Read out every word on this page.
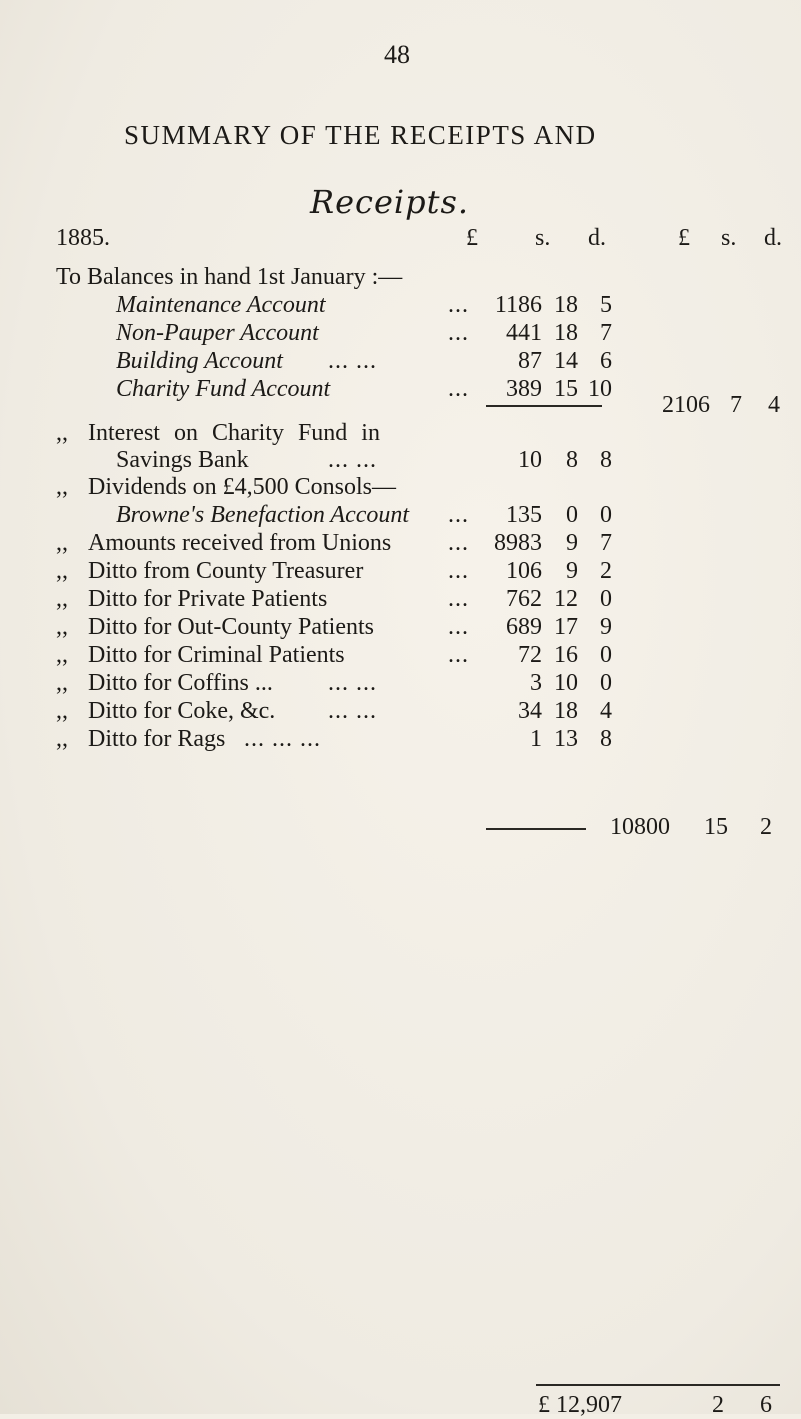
48
SUMMARY OF THE RECEIPTS AND
Receipts.
1885.	£ s. d.	£ s. d.
To Balances in hand 1st January :—
Maintenance Account	...	1186 18 5
Non-Pauper Account	...	441 18 7
Building Account ... ...	87 14 6
Charity Fund Account	...	389 15 10
2106 7	4
,, Interest on Charity Fund in
Savings Bank	... ...	10	8 8
,, Dividends on £4,500 Consols—
Browne's Benefaction Account ...	135	0 0
,, Amounts received from Unions ...	8983	9 7
,, Ditto from County Treasurer	...	106	9 2
,, Ditto for Private Patients	...	762 12 0
,, Ditto for Out-County Patients	...	689 17 9
,, Ditto for Criminal Patients	...	72 16 0
,, Ditto for Coffins ... ... ...	3 10 0
,, Ditto for Coke, &c. ... ...	34 18 4
,, Ditto for Rags ... ... ...	1 13 8
10800	15	2
£ 12,907	2	6
